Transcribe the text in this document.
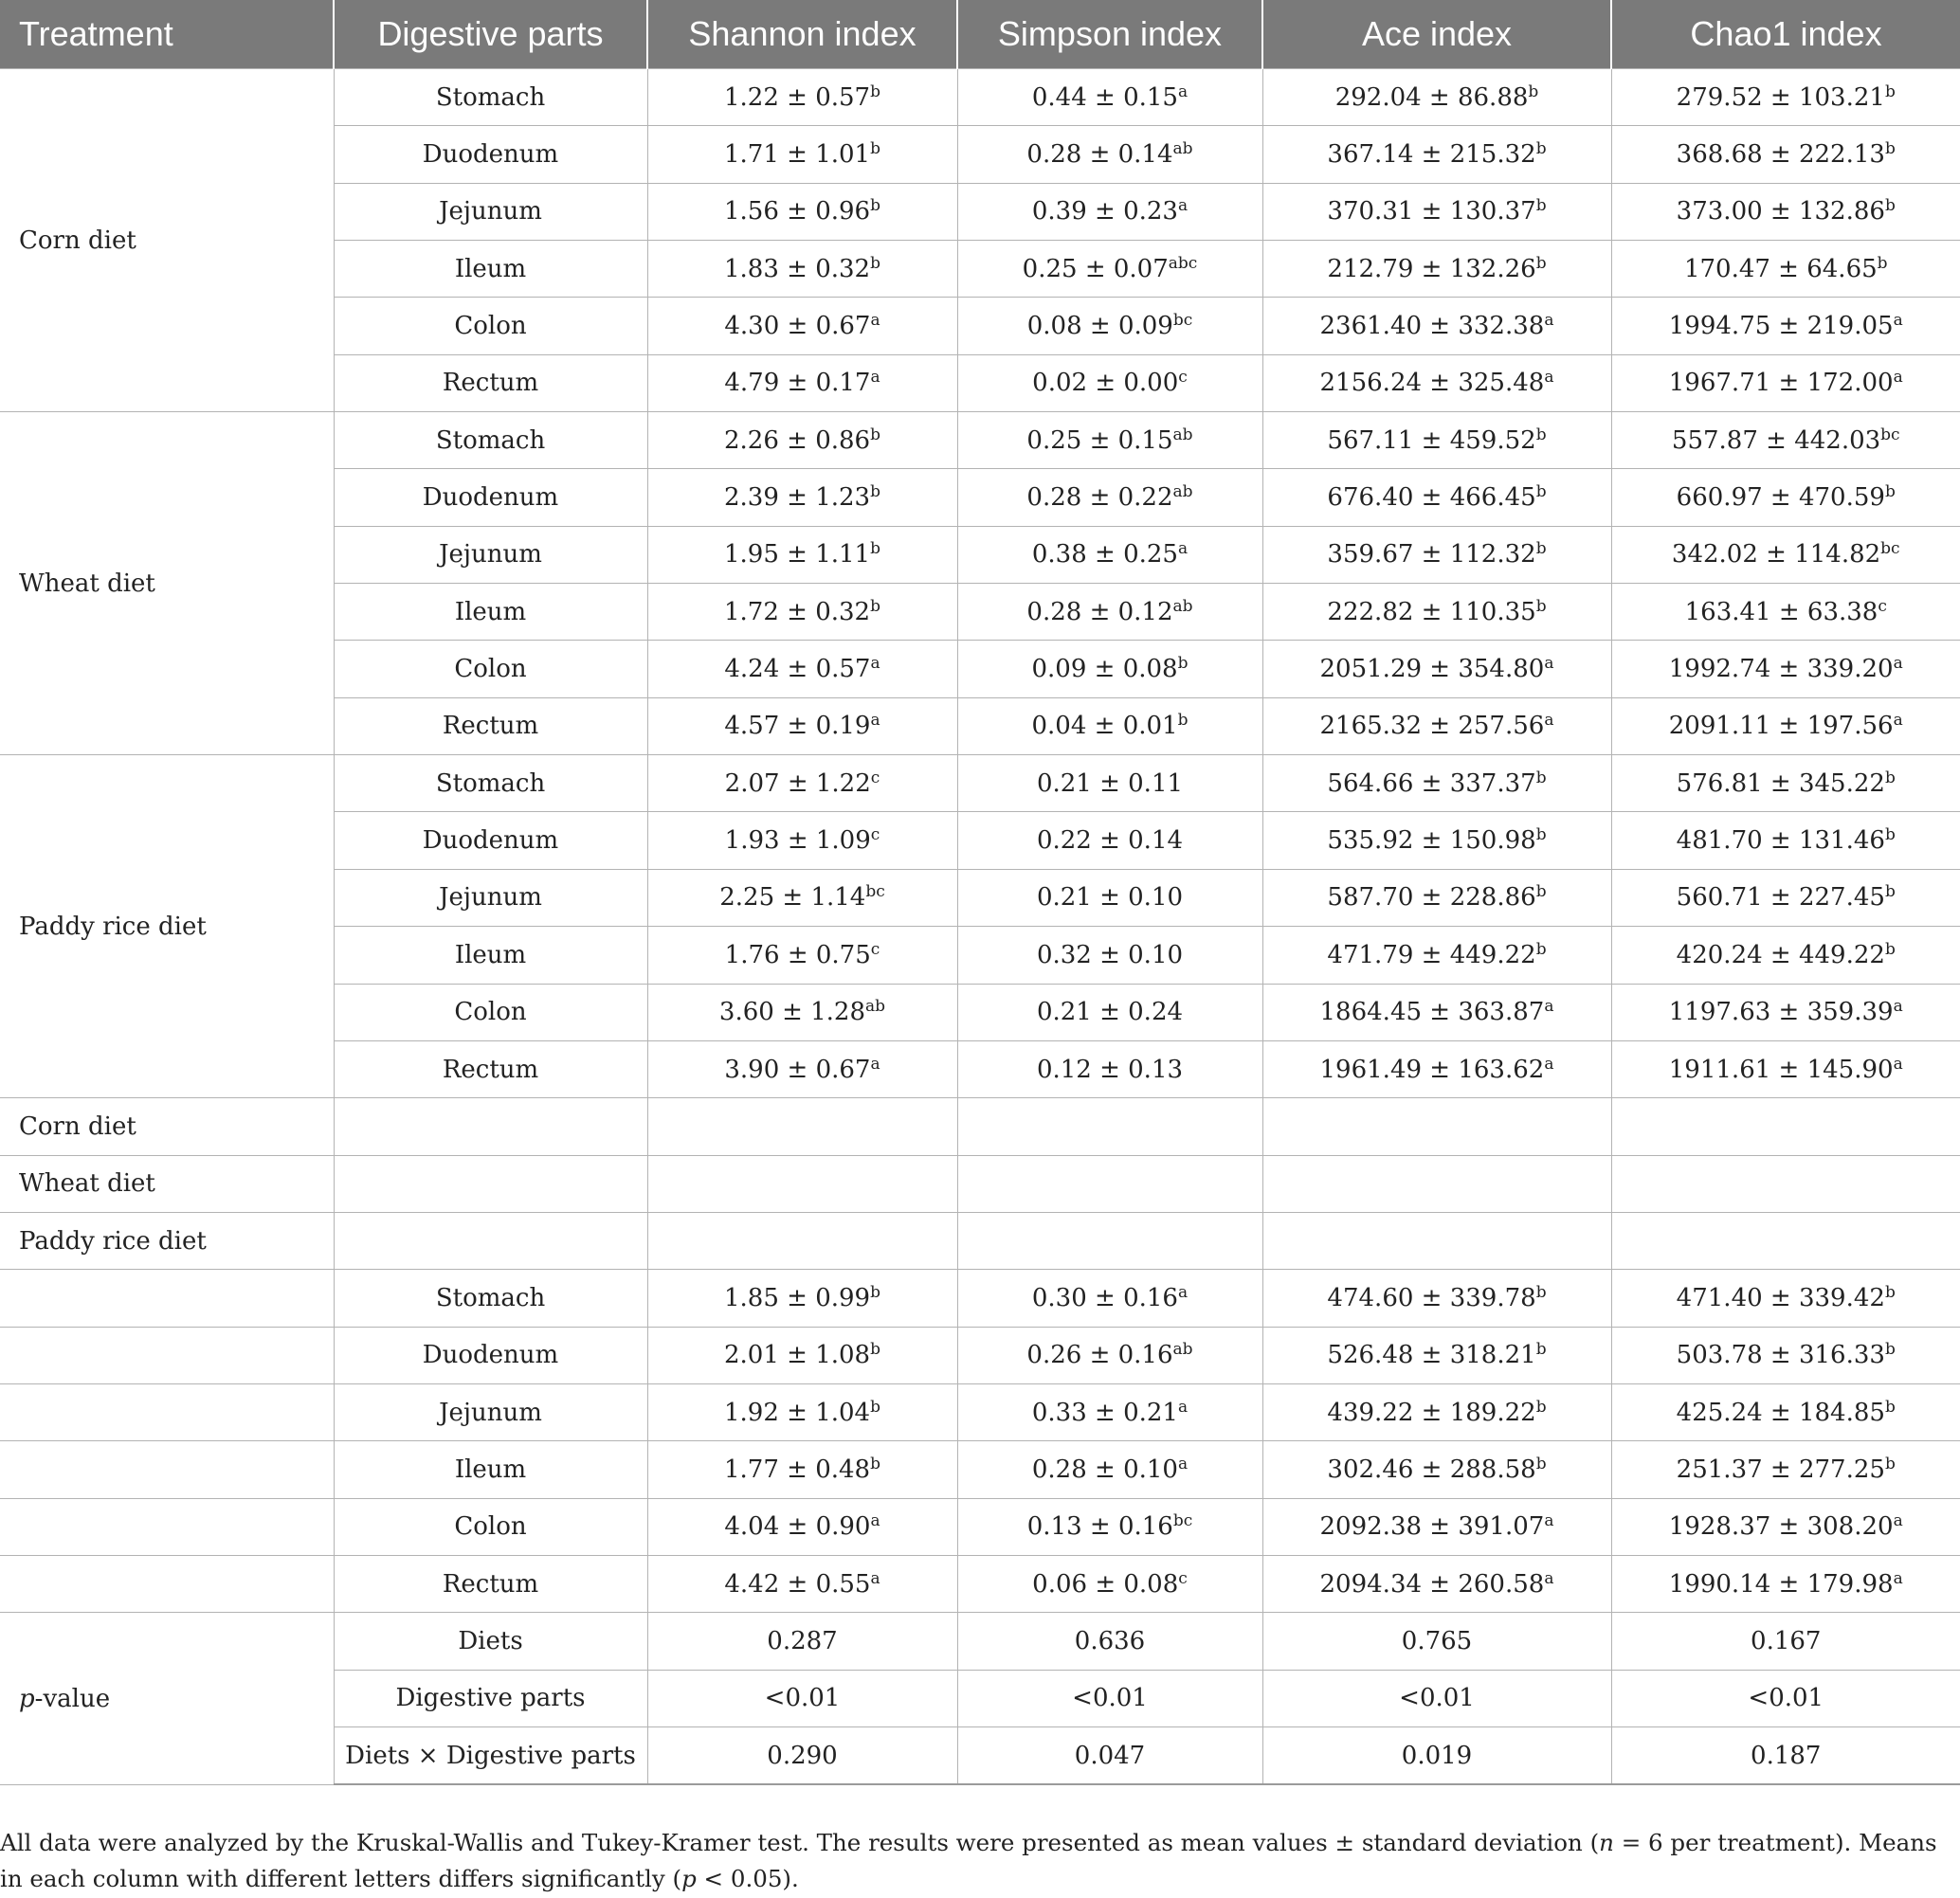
Treatment	Digestive parts	Shannon index	Simpson index	Ace index	Chao1 index
Corn diet	Stomach	1.22 ± 0.57$^b$	0.44 ± 0.15$^a$	292.04 ± 86.88$^b$	279.52 ± 103.21$^b$
	Duodenum	1.71 ± 1.01$^b$	0.28 ± 0.14$^{ab}$	367.14 ± 215.32$^b$	368.68 ± 222.13$^b$
	Jejunum	1.56 ± 0.96$^b$	0.39 ± 0.23$^a$	370.31 ± 130.37$^b$	373.00 ± 132.86$^b$
	Ileum	1.83 ± 0.32$^b$	0.25 ± 0.07$^{abc}$	212.79 ± 132.26$^b$	170.47 ± 64.65$^b$
	Colon	4.30 ± 0.67$^a$	0.08 ± 0.09$^{bc}$	2361.40 ± 332.38$^a$	1994.75 ± 219.05$^a$
	Rectum	4.79 ± 0.17$^a$	0.02 ± 0.00$^c$	2156.24 ± 325.48$^a$	1967.71 ± 172.00$^a$
Wheat diet	Stomach	2.26 ± 0.86$^b$	0.25 ± 0.15$^{ab}$	567.11 ± 459.52$^b$	557.87 ± 442.03$^{bc}$
	Duodenum	2.39 ± 1.23$^b$	0.28 ± 0.22$^{ab}$	676.40 ± 466.45$^b$	660.97 ± 470.59$^b$
	Jejunum	1.95 ± 1.11$^b$	0.38 ± 0.25$^a$	359.67 ± 112.32$^b$	342.02 ± 114.82$^{bc}$
	Ileum	1.72 ± 0.32$^b$	0.28 ± 0.12$^{ab}$	222.82 ± 110.35$^b$	163.41 ± 63.38$^c$
	Colon	4.24 ± 0.57$^a$	0.09 ± 0.08$^b$	2051.29 ± 354.80$^a$	1992.74 ± 339.20$^a$
	Rectum	4.57 ± 0.19$^a$	0.04 ± 0.01$^b$	2165.32 ± 257.56$^a$	2091.11 ± 197.56$^a$
Paddy rice diet	Stomach	2.07 ± 1.22$^c$	0.21 ± 0.11	564.66 ± 337.37$^b$	576.81 ± 345.22$^b$
	Duodenum	1.93 ± 1.09$^c$	0.22 ± 0.14	535.92 ± 150.98$^b$	481.70 ± 131.46$^b$
	Jejunum	2.25 ± 1.14$^{bc}$	0.21 ± 0.10	587.70 ± 228.86$^b$	560.71 ± 227.45$^b$
	Ileum	1.76 ± 0.75$^c$	0.32 ± 0.10	471.79 ± 449.22$^b$	420.24 ± 449.22$^b$
	Colon	3.60 ± 1.28$^{ab}$	0.21 ± 0.24	1864.45 ± 363.87$^a$	1197.63 ± 359.39$^a$
	Rectum	3.90 ± 0.67$^a$	0.12 ± 0.13	1961.49 ± 163.62$^a$	1911.61 ± 145.90$^a$
Corn diet					
Wheat diet					
Paddy rice diet					
	Stomach	1.85 ± 0.99$^b$	0.30 ± 0.16$^a$	474.60 ± 339.78$^b$	471.40 ± 339.42$^b$
	Duodenum	2.01 ± 1.08$^b$	0.26 ± 0.16$^{ab}$	526.48 ± 318.21$^b$	503.78 ± 316.33$^b$
	Jejunum	1.92 ± 1.04$^b$	0.33 ± 0.21$^a$	439.22 ± 189.22$^b$	425.24 ± 184.85$^b$
	Ileum	1.77 ± 0.48$^b$	0.28 ± 0.10$^a$	302.46 ± 288.58$^b$	251.37 ± 277.25$^b$
	Colon	4.04 ± 0.90$^a$	0.13 ± 0.16$^{bc}$	2092.38 ± 391.07$^a$	1928.37 ± 308.20$^a$
	Rectum	4.42 ± 0.55$^a$	0.06 ± 0.08$^c$	2094.34 ± 260.58$^a$	1990.14 ± 179.98$^a$
p-value	Diets	0.287	0.636	0.765	0.167
	Digestive parts	<0.01	<0.01	<0.01	<0.01
	Diets × Digestive parts	0.290	0.047	0.019	0.187
All data were analyzed by the Kruskal-Wallis and Tukey-Kramer test. The results were presented as mean values ± standard deviation (n = 6 per treatment). Means in each column with different letters differs significantly (p < 0.05).
